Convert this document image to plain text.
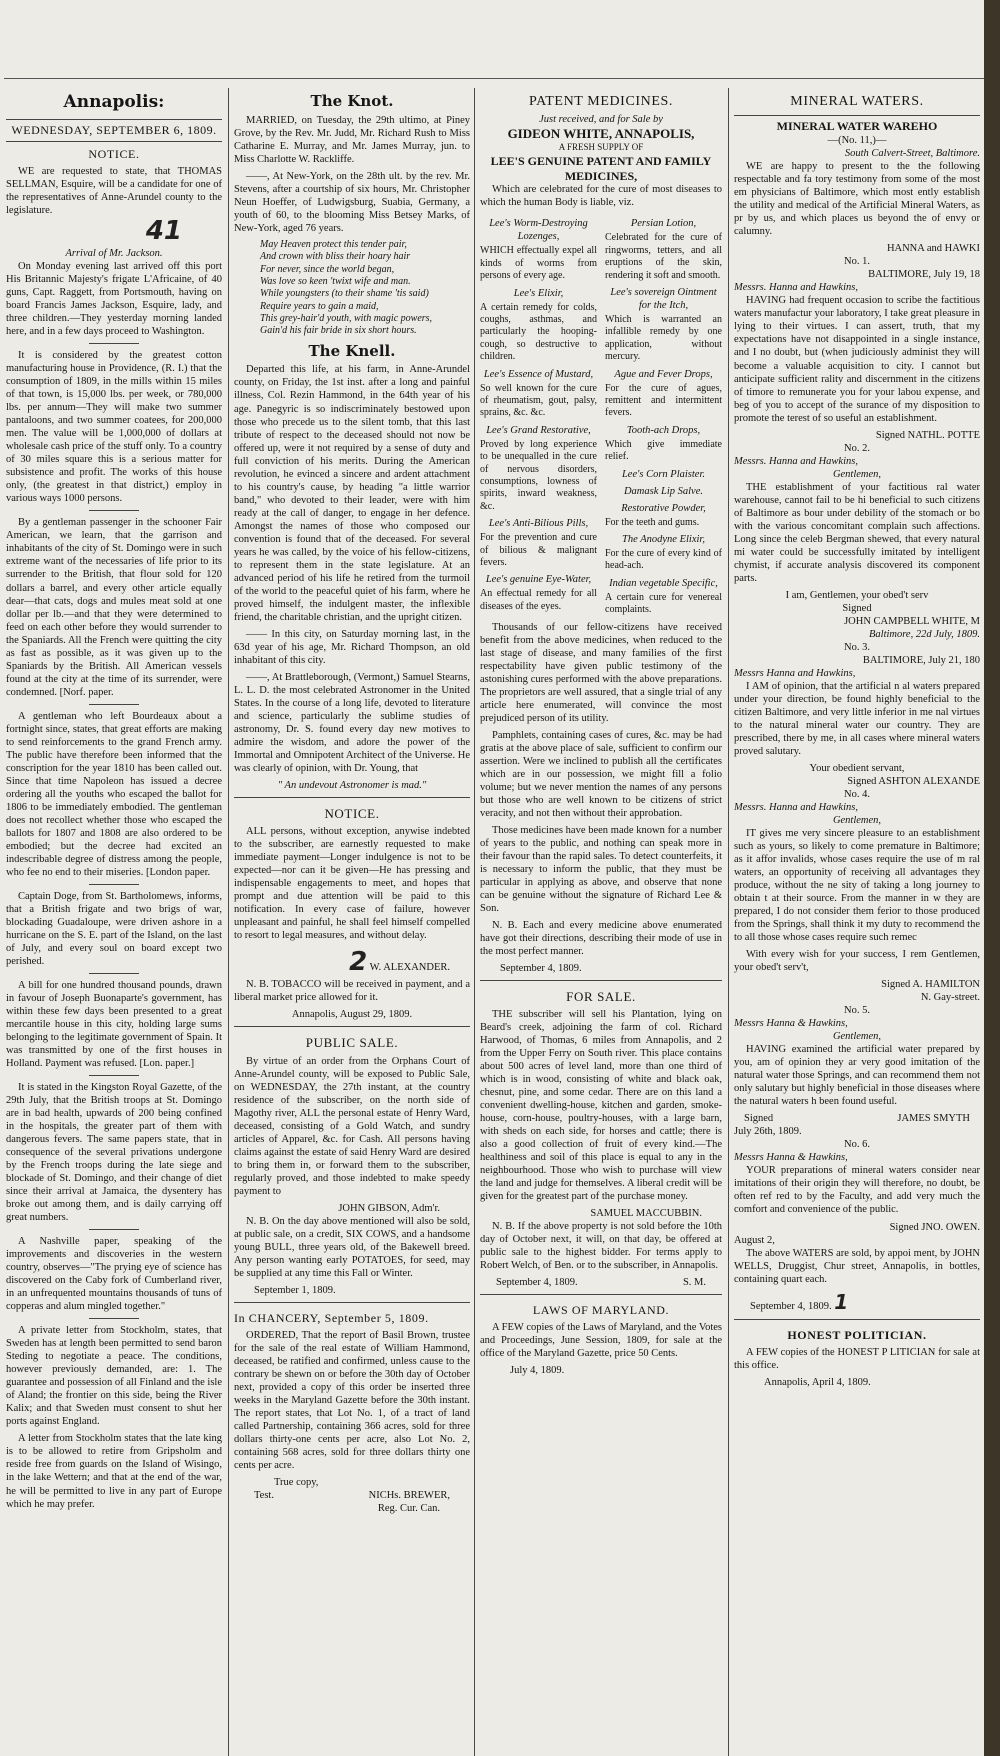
Annapolis:
WEDNESDAY, SEPTEMBER 6, 1809.
NOTICE.

WE are requested to state, that THOMAS SELLMAN, Esquire, will be a candidate for one of the representatives of Anne-Arundel county to the legislature.

41
Arrival of Mr. Jackson.

On Monday evening last arrived off this port His Britannic Majesty's frigate L'Africaine, of 40 guns, Capt. Raggett, from Portsmouth, having on board Francis James Jackson, Esquire, lady, and three children.—They yesterday morning landed here, and in a few days proceed to Washington.

It is considered by the greatest cotton manufacturing house in Providence, (R. I.) that the consumption of 1809, in the mills within 15 miles of that town, is 15,000 lbs. per week, or 780,000 lbs. per annum—They will make two summer pantaloons, and two summer coatees, for 200,000 men. The value will be 1,000,000 of dollars at wholesale cash price of the stuff only. To a country of 30 miles square this is a serious matter for subsistence and profit. The works of this house only, (the greatest in that district,) employ in various ways 1000 persons.

By a gentleman passenger in the schooner Fair American, we learn, that the garrison and inhabitants of the city of St. Domingo were in such extreme want of the necessaries of life prior to its surrender to the British, that flour sold for 120 dollars a barrel, and every other article equally dear—that cats, dogs and mules meat sold at one dollar per lb.—and that they were determined to feed on each other before they would surrender to the Spaniards. All the French were quitting the city as fast as possible, as it was given up to the Spaniards by the British. All American vessels found at the city at the time of its surrender, were condemned. [Norf. paper.

A gentleman who left Bourdeaux about a fortnight since, states, that great efforts are making to send reinforcements to the grand French army. The public have therefore been informed that the conscription for the year 1810 has been called out. Since that time Napoleon has issued a decree ordering all the youths who escaped the ballot for 1806 to be immediately embodied. The gentleman does not recollect whether those who escaped the ballots for 1807 and 1808 are also ordered to be embodied; but the decree had excited an indescribable degree of distress among the people, who fee no end to their miseries. [London paper.

Captain Doge, from St. Bartholomews, informs, that a British frigate and two brigs of war, blockading Guadaloupe, were driven ashore in a hurricane on the S. E. part of the Island, on the last of July, and every soul on board except two perished.

A bill for one hundred thousand pounds, drawn in favour of Joseph Buonaparte's government, has within these few days been presented to a great mercantile house in this city, holding large sums belonging to the legitimate government of Spain. It was transmitted by one of the first houses in Holland. Payment was refused. [Lon. paper.]

It is stated in the Kingston Royal Gazette, of the 29th July, that the British troops at St. Domingo are in bad health, upwards of 200 being confined in the hospitals, the greater part of them with dangerous fevers. The same papers state, that in consequence of the several privations undergone by the French troops during the late siege and blockade of St. Domingo, and their change of diet since their arrival at Jamaica, the dysentery has broke out among them, and is daily carrying off great numbers.

A Nashville paper, speaking of the improvements and discoveries in the western country, observes—"The prying eye of science has discovered on the Caby fork of Cumberland river, in an unfrequented mountains thousands of tuns of copperas and alum mingled together."

A private letter from Stockholm, states, that Sweden has at length been permitted to send baron Steding to negotiate a peace. The conditions, however previously demanded, are: 1. The guarantee and possession of all Finland and the isle of Aland; the frontier on this side, being the River Kalix; and that Sweden must consent to shut her ports against England.

A letter from Stockholm states that the late king is to be allowed to retire from Gripsholm and reside free from guards on the Island of Wisingo, in the lake Wettern; and that at the end of the war, he will be permitted to live in any part of Europe which he may prefer.

The Knot.

MARRIED, on Tuesday, the 29th ultimo, at Piney Grove, by the Rev. Mr. Judd, Mr. Richard Rush to Miss Catharine E. Murray, and Mr. James Murray, jun. to Miss Charlotte W. Rackliffe.

——, At New-York, on the 28th ult. by the rev. Mr. Stevens, after a courtship of six hours, Mr. Christopher Neun Hoeffer, of Ludwigsburg, Suabia, Germany, a youth of 60, to the blooming Miss Betsey Marks, of New-York, aged 76 years.

May Heaven protect this tender pair,
And crown with bliss their hoary hair
For never, since the world began,
Was love so keen 'twixt wife and man.
While youngsters (to their shame 'tis said)
Require years to gain a maid,
This grey-hair'd youth, with magic powers,
Gain'd his fair bride in six short hours.
The Knell.

Departed this life, at his farm, in Anne-Arundel county, on Friday, the 1st inst. after a long and painful illness, Col. Rezin Hammond, in the 64th year of his age. Panegyric is so indiscriminately bestowed upon those who precede us to the silent tomb, that this last tribute of respect to the deceased should not now be offered up, were it not required by a sense of duty and full conviction of his merits. During the American revolution, he evinced a sincere and ardent attachment to his country's cause, by heading "a little warrior band," who devoted to their leader, were with him ready at the call of danger, to engage in her defence. Amongst the names of those who composed our convention is found that of the deceased. For several years he was called, by the voice of his fellow-citizens, to represent them in the state legislature. At an advanced period of his life he retired from the turmoil of the world to the peaceful quiet of his farm, where he proved himself, the indulgent master, the inflexible friend, the charitable christian, and the upright citizen.

—— In this city, on Saturday morning last, in the 63d year of his age, Mr. Richard Thompson, an old inhabitant of this city.

——, At Brattleborough, (Vermont,) Samuel Stearns, L. L. D. the most celebrated Astronomer in the United States. In the course of a long life, devoted to literature and science, particularly the sublime studies of astronomy, Dr. S. found every day new motives to admire the wisdom, and adore the power of the Immortal and Omnipotent Architect of the Universe. He was clearly of opinion, with Dr. Young, that

" An undevout Astronomer is mad."
NOTICE.

ALL persons, without exception, anywise indebted to the subscriber, are earnestly requested to make immediate payment—Longer indulgence is not to be expected—nor can it be given—He has pressing and indispensable engagements to meet, and hopes that prompt and due attention will be paid to this notification. In every case of failure, however unpleasant and painful, he shall feel himself compelled to resort to legal measures, and without delay.

2 W. ALEXANDER.

N. B. TOBACCO will be received in payment, and a liberal market price allowed for it.

Annapolis, August 29, 1809.
PUBLIC SALE.

By virtue of an order from the Orphans Court of Anne-Arundel county, will be exposed to Public Sale, on WEDNESDAY, the 27th instant, at the country residence of the subscriber, on the north side of Magothy river, ALL the personal estate of Henry Ward, deceased, consisting of a Gold Watch, and sundry articles of Apparel, &c. for Cash. All persons having claims against the estate of said Henry Ward are desired to bring them in, or forward them to the subscriber, regularly proved, and those indebted to make speedy payment to

JOHN GIBSON, Adm'r.

N. B. On the day above mentioned will also be sold, at public sale, on a credit, SIX COWS, and a handsome young BULL, three years old, of the Bakewell breed. Any person wanting early POTATOES, for seed, may be supplied at any time this Fall or Winter.

September 1, 1809.
In CHANCERY, September 5, 1809.

ORDERED, That the report of Basil Brown, trustee for the sale of the real estate of William Hammond, deceased, be ratified and confirmed, unless cause to the contrary be shewn on or before the 30th day of October next, provided a copy of this order be inserted three weeks in the Maryland Gazette before the 30th instant. The report states, that Lot No. 1, of a tract of land called Partnership, containing 366 acres, sold for three dollars thirty-one cents per acre, also Lot No. 2, containing 568 acres, sold for three dollars thirty one cents per acre.

True copy,
Test.	NICHs. BREWER,
Reg. Cur. Can.
PATENT MEDICINES.
Just received, and for Sale by
GIDEON WHITE, ANNAPOLIS,
A FRESH SUPPLY OF
LEE'S GENUINE PATENT AND FAMILY MEDICINES,

Which are celebrated for the cure of most diseases to which the human Body is liable, viz.

Lee's Worm-Destroying Lozenges,

WHICH effectually expel all kinds of worms from persons of every age.

Lee's Elixir,

A certain remedy for colds, coughs, asthmas, and particularly the hooping-cough, so destructive to children.

Lee's Essence of Mustard,

So well known for the cure of rheumatism, gout, palsy, sprains, &c. &c.

Lee's Grand Restorative,

Proved by long experience to be unequalled in the cure of nervous disorders, consumptions, lowness of spirits, inward weakness, &c.

Lee's Anti-Bilious Pills,

For the prevention and cure of bilious & malignant fevers.

Lee's genuine Eye-Water,

An effectual remedy for all diseases of the eyes.

Persian Lotion,

Celebrated for the cure of ringworms, tetters, and all eruptions of the skin, rendering it soft and smooth.

Lee's sovereign Ointment for the Itch,

Which is warranted an infallible remedy by one application, without mercury.

Ague and Fever Drops,

For the cure of agues, remittent and intermittent fevers.

Tooth-ach Drops,

Which give immediate relief.

Lee's Corn Plaister.
Damask Lip Salve.
Restorative Powder,

For the teeth and gums.

The Anodyne Elixir,

For the cure of every kind of head-ach.

Indian vegetable Specific,

A certain cure for venereal complaints.

Thousands of our fellow-citizens have received benefit from the above medicines, when reduced to the last stage of disease, and many families of the first respectability have given public testimony of the astonishing cures performed with the above preparations. The proprietors are well assured, that a single trial of any article here enumerated, will convince the most prejudiced person of its utility.

Pamphlets, containing cases of cures, &c. may be had gratis at the above place of sale, sufficient to confirm our assertion. Were we inclined to publish all the certificates which are in our possession, we might fill a folio volume; but we never mention the names of any persons but those who are well known to be citizens of strict veracity, and not then without their approbation.

Those medicines have been made known for a number of years to the public, and nothing can speak more in their favour than the rapid sales. To detect counterfeits, it is necessary to inform the public, that they must be particular in applying as above, and observe that none can be genuine without the signature of Richard Lee & Son.

N. B. Each and every medicine above enumerated have got their directions, describing their mode of use in the most perfect manner.

September 4, 1809.
FOR SALE.

THE subscriber will sell his Plantation, lying on Beard's creek, adjoining the farm of col. Richard Harwood, of Thomas, 6 miles from Annapolis, and 2 from the Upper Ferry on South river. This place contains about 500 acres of level land, more than one third of which is in wood, consisting of white and black oak, chesnut, pine, and some cedar. There are on this land a convenient dwelling-house, kitchen and garden, smoke-house, corn-house, poultry-houses, with a large barn, with sheds on each side, for horses and cattle; there is also a good collection of fruit of every kind.—The healthiness and soil of this place is equal to any in the neighbourhood. Those who wish to purchase will view the land and judge for themselves. A liberal credit will be given for the greatest part of the purchase money.

SAMUEL MACCUBBIN.

N. B. If the above property is not sold before the 10th day of October next, it will, on that day, be offered at public sale to the highest bidder. For terms apply to Robert Welch, of Ben. or to the subscriber, in Annapolis.

September 4, 1809.	S. M.
LAWS OF MARYLAND.

A FEW copies of the Laws of Maryland, and the Votes and Proceedings, June Session, 1809, for sale at the office of the Maryland Gazette, price 50 Cents.

July 4, 1809.
MINERAL WATERS.
MINERAL WATER WAREHO
—(No. 11,)—
South Calvert-Street, Baltimore.

WE are happy to present to the the following respectable and fa tory testimony from some of the most em physicians of Baltimore, which most ently establish the utility and medical of the Artificial Mineral Waters, as pr by us, and which places us beyond the of envy or calumny.

HANNA and HAWKI
No. 1.
BALTIMORE, July 19, 18
Messrs. Hanna and Hawkins,

HAVING had frequent occasion to scribe the factitious waters manufactur your laboratory, I take great pleasure in lying to their virtues. I can assert, truth, that my expectations have not disappointed in a single instance, and I no doubt, but (when judiciously administ they will become a valuable acquisition to city. I cannot but anticipate sufficient rality and discernment in the citizens of timore to remunerate you for your labou expense, and beg of you to accept of the surance of my disposition to promote the terest of so useful an establishment.

Signed NATHL. POTTE
No. 2.
Messrs. Hanna and Hawkins,
Gentlemen,

THE establishment of your factitious ral water warehouse, cannot fail to be hi beneficial to such citizens of Baltimore as bour under debility of the stomach or bo with the various concomitant complain such affections. Long since the celeb Bergman shewed, that every natural mi water could be successfully imitated by intelligent chymist, if accurate analysis discovered its component parts.

I am, Gentlemen, your obed't serv
Signed
JOHN CAMPBELL WHITE, M
Baltimore, 22d July, 1809.
No. 3.
BALTIMORE, July 21, 180
Messrs Hanna and Hawkins,

I AM of opinion, that the artificial n al waters prepared under your direction, be found highly beneficial to the citizen Baltimore, and very little inferior in me nal virtues to the natural mineral water our country. They are prescribed, there by me, in all cases where mineral waters proved salutary.

Your obedient servant,
Signed ASHTON ALEXANDE
No. 4.
Messrs. Hanna and Hawkins,
Gentlemen,

IT gives me very sincere pleasure to an establishment such as yours, so likely to come premature in Baltimore; as it affor invalids, whose cases require the use of m ral waters, an opportunity of receiving all advantages they produce, without the ne sity of taking a long journey to obtain t at their source. From the manner in w they are prepared, I do not consider them ferior to those produced from the Springs, shall think it my duty to recommend the to all those whose cases require such remec

With every wish for your success, I rem Gentlemen, your obed't serv't,

Signed A. HAMILTON
N. Gay-street.
No. 5.
Messrs Hanna & Hawkins,
Gentlemen,

HAVING examined the artificial water prepared by you, am of opinion they ar very good imitation of the natural water those Springs, and can recommend them not only salutary but highly beneficial in those diseases where the natural waters h been found useful.

Signed	JAMES SMYTH
July 26th, 1809.
No. 6.
Messrs Hanna & Hawkins,

YOUR preparations of mineral waters consider near imitations of their origin they will therefore, no doubt, be often ref red to by the Faculty, and add very much the comfort and convenience of the public.

Signed JNO. OWEN.
August 2,

The above WATERS are sold, by appoi ment, by JOHN WELLS, Druggist, Chur street, Annapolis, in bottles, containing quart each.

September 4, 1809. 1
HONEST POLITICIAN.

A FEW copies of the HONEST P LITICIAN for sale at this office.

Annapolis, April 4, 1809.
